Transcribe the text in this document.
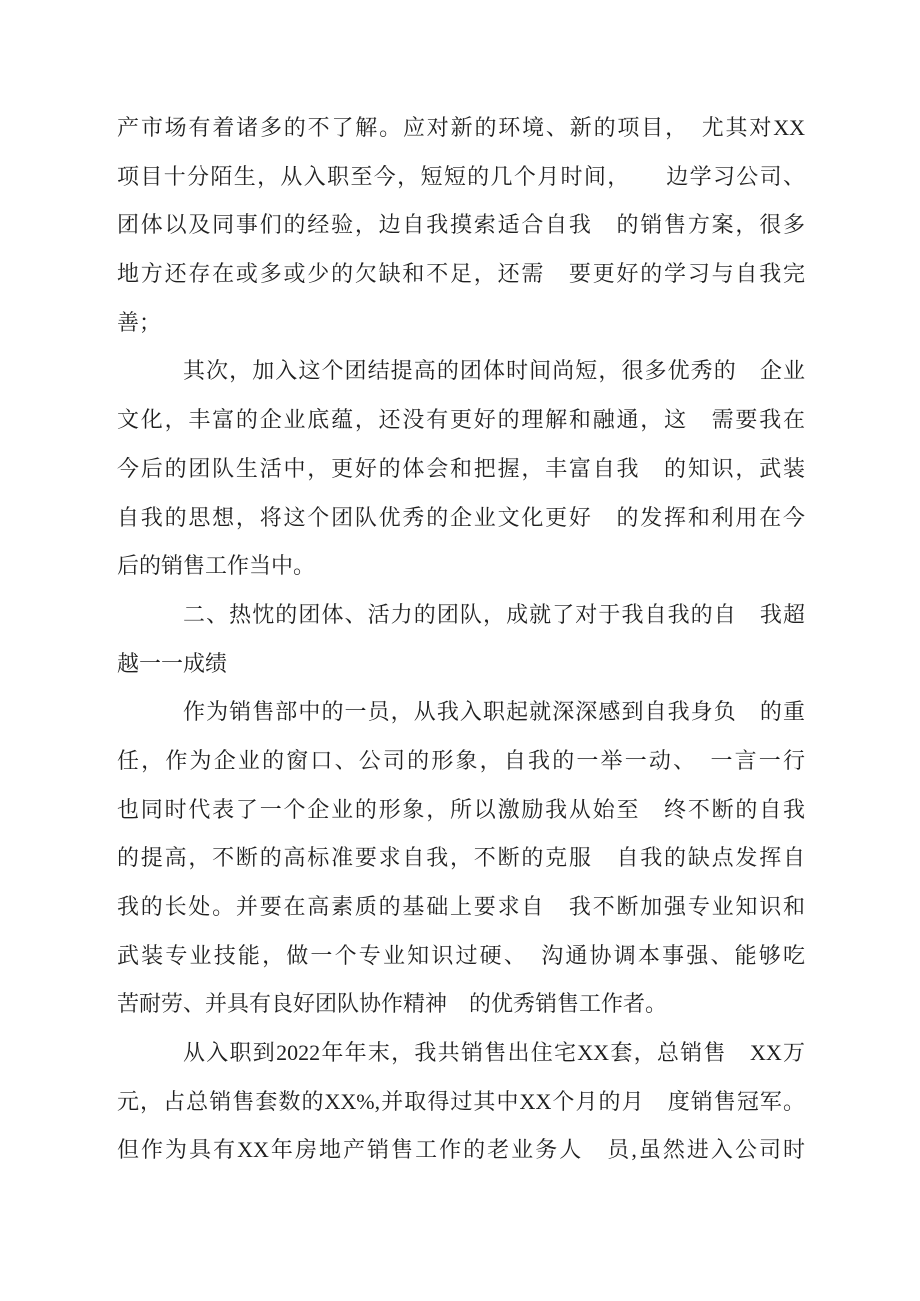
产市场有着诸多的不了解。应对新的环境、新的项目，　尤其对XX
项目十分陌生，从入职至今，短短的几个月时间，　　边学习公司、
团体以及同事们的经验，边自我摸索适合自我　的销售方案，很多
地方还存在或多或少的欠缺和不足，还需　要更好的学习与自我完
善；
其次，加入这个团结提高的团体时间尚短，很多优秀的　企业
文化，丰富的企业底蕴，还没有更好的理解和融通，这　需要我在
今后的团队生活中，更好的体会和把握，丰富自我　的知识，武装
自我的思想，将这个团队优秀的企业文化更好　的发挥和利用在今
后的销售工作当中。
二、热忱的团体、活力的团队，成就了对于我自我的自　我超
越一一成绩
作为销售部中的一员，从我入职起就深深感到自我身负　的重
任，作为企业的窗口、公司的形象，自我的一举一动、　一言一行
也同时代表了一个企业的形象，所以激励我从始至　终不断的自我
的提高，不断的高标准要求自我，不断的克服　自我的缺点发挥自
我的长处。并要在高素质的基础上要求自　我不断加强专业知识和
武装专业技能，做一个专业知识过硬、　沟通协调本事强、能够吃
苦耐劳、并具有良好团队协作精神　的优秀销售工作者。
从入职到2022年年末，我共销售出住宅XX套，总销售　XX万
元，占总销售套数的XX%,并取得过其中XX个月的月　度销售冠军。
但作为具有XX年房地产销售工作的老业务人　员,虽然进入公司时
